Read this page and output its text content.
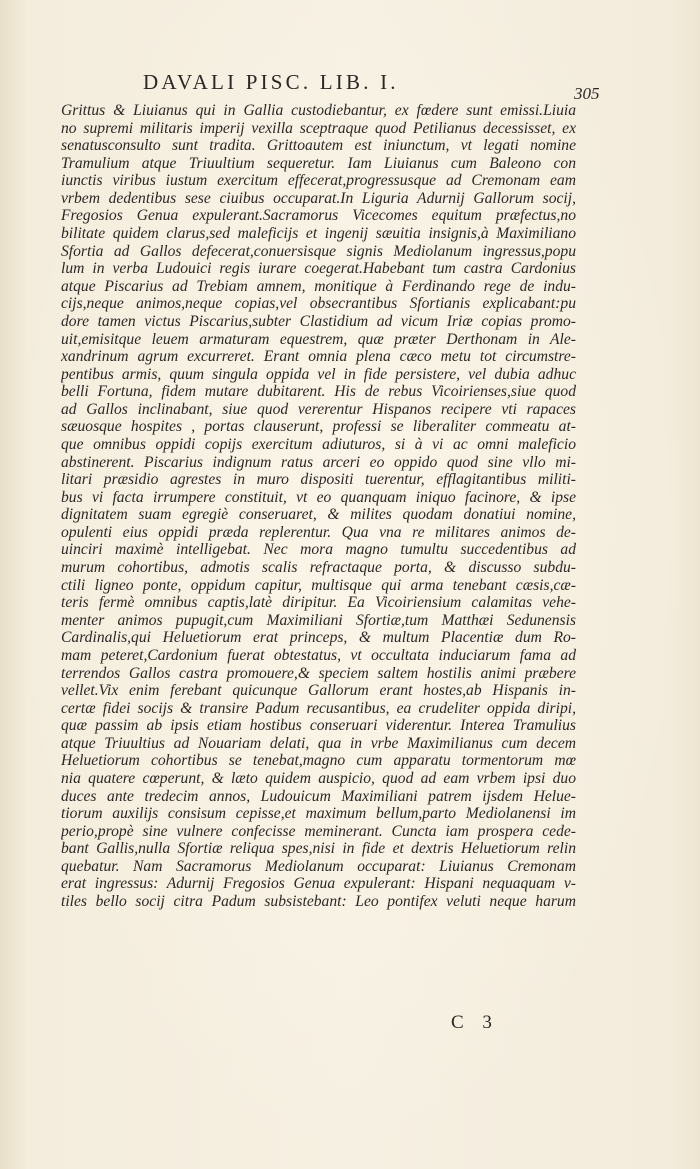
DAVALI PISC. LIB. I.	305
Grittus & Liuianus qui in Gallia custodiebantur, ex fœdere sunt emissi.Liuia
no supremi militaris imperij vexilla sceptraque quod Petilianus decessisset, ex
senatusconsulto sunt tradita. Grittoautem est iniunctum, vt legati nomine
Tramulium atque Triuultium sequeretur. Iam Liuianus cum Baleono con
iunctis viribus iustum exercitum effecerat,progressusque ad Cremonam eam
vrbem dedentibus sese ciuibus occuparat.In Liguria Adurnij Gallorum socij,
Fregosios Genua expulerant.Sacramorus Vicecomes equitum præfectus,no
bilitate quidem clarus,sed maleficijs et ingenij sæuitia insignis,à Maximiliano
Sfortia ad Gallos defecerat,conuersisque signis Mediolanum ingressus,popu
lum in verba Ludouici regis iurare coegerat.Habebant tum castra Cardonius
atque Piscarius ad Trebiam amnem, monitique à Ferdinando rege de indu-
cijs,neque animos,neque copias,vel obsecrantibus Sfortianis explicabant:pu
dore tamen victus Piscarius,subter Clastidium ad vicum Iriæ copias promo-
uit,emisitque leuem armaturam equestrem, quæ præter Derthonam in Ale-
xandrinum agrum excurreret. Erant omnia plena cæco metu tot circumstre-
pentibus armis, quum singula oppida vel in fide persistere, vel dubia adhuc
belli Fortuna, fidem mutare dubitarent. His de rebus Vicoirienses,siue quod
ad Gallos inclinabant, siue quod vererentur Hispanos recipere vti rapaces
sæuosque hospites , portas clauserunt, professi se liberaliter commeatu at-
que omnibus oppidi copijs exercitum adiuturos, si à vi ac omni maleficio
abstinerent. Piscarius indignum ratus arceri eo oppido quod sine vllo mi-
litari præsidio agrestes in muro dispositi tuerentur, efflagitantibus militi-
bus vi facta irrumpere constituit, vt eo quanquam iniquo facinore, & ipse
dignitatem suam egregiè conseruaret, & milites quodam donatiui nomine,
opulenti eius oppidi præda replerentur. Qua vna re militares animos de-
uinciri maximè intelligebat. Nec mora magno tumultu succedentibus ad
murum cohortibus, admotis scalis refractaque porta, & discusso subdu-
ctili ligneo ponte, oppidum capitur, multisque qui arma tenebant cæsis,cæ-
teris fermè omnibus captis,latè diripitur. Ea Vicoiriensium calamitas vehe-
menter animos pupugit,cum Maximiliani Sfortiæ,tum Matthæi Sedunensis
Cardinalis,qui Heluetiorum erat princeps, & multum Placentiæ dum Ro-
mam peteret,Cardonium fuerat obtestatus, vt occultata induciarum fama ad
terrendos Gallos castra promouere,& speciem saltem hostilis animi præbere
vellet.Vix enim ferebant quicunque Gallorum erant hostes,ab Hispanis in-
certæ fidei socijs & transire Padum recusantibus, ea crudeliter oppida diripi,
quæ passim ab ipsis etiam hostibus conseruari viderentur. Interea Tramulius
atque Triuultius ad Nouariam delati, qua in vrbe Maximilianus cum decem
Heluetiorum cohortibus se tenebat,magno cum apparatu tormentorum mœ
nia quatere cœperunt, & læto quidem auspicio, quod ad eam vrbem ipsi duo
duces ante tredecim annos, Ludouicum Maximiliani patrem ijsdem Helue-
tiorum auxilijs consisum cepisse,et maximum bellum,parto Mediolanensi im
perio,propè sine vulnere confecisse meminerant. Cuncta iam prospera cede-
bant Gallis,nulla Sfortiæ reliqua spes,nisi in fide et dextris Heluetiorum relin
quebatur. Nam Sacramorus Mediolanum occuparat: Liuianus Cremonam
erat ingressus: Adurnij Fregosios Genua expulerant: Hispani nequaquam v-
tiles bello socij citra Padum subsistebant: Leo pontifex veluti neque harum
C 3
